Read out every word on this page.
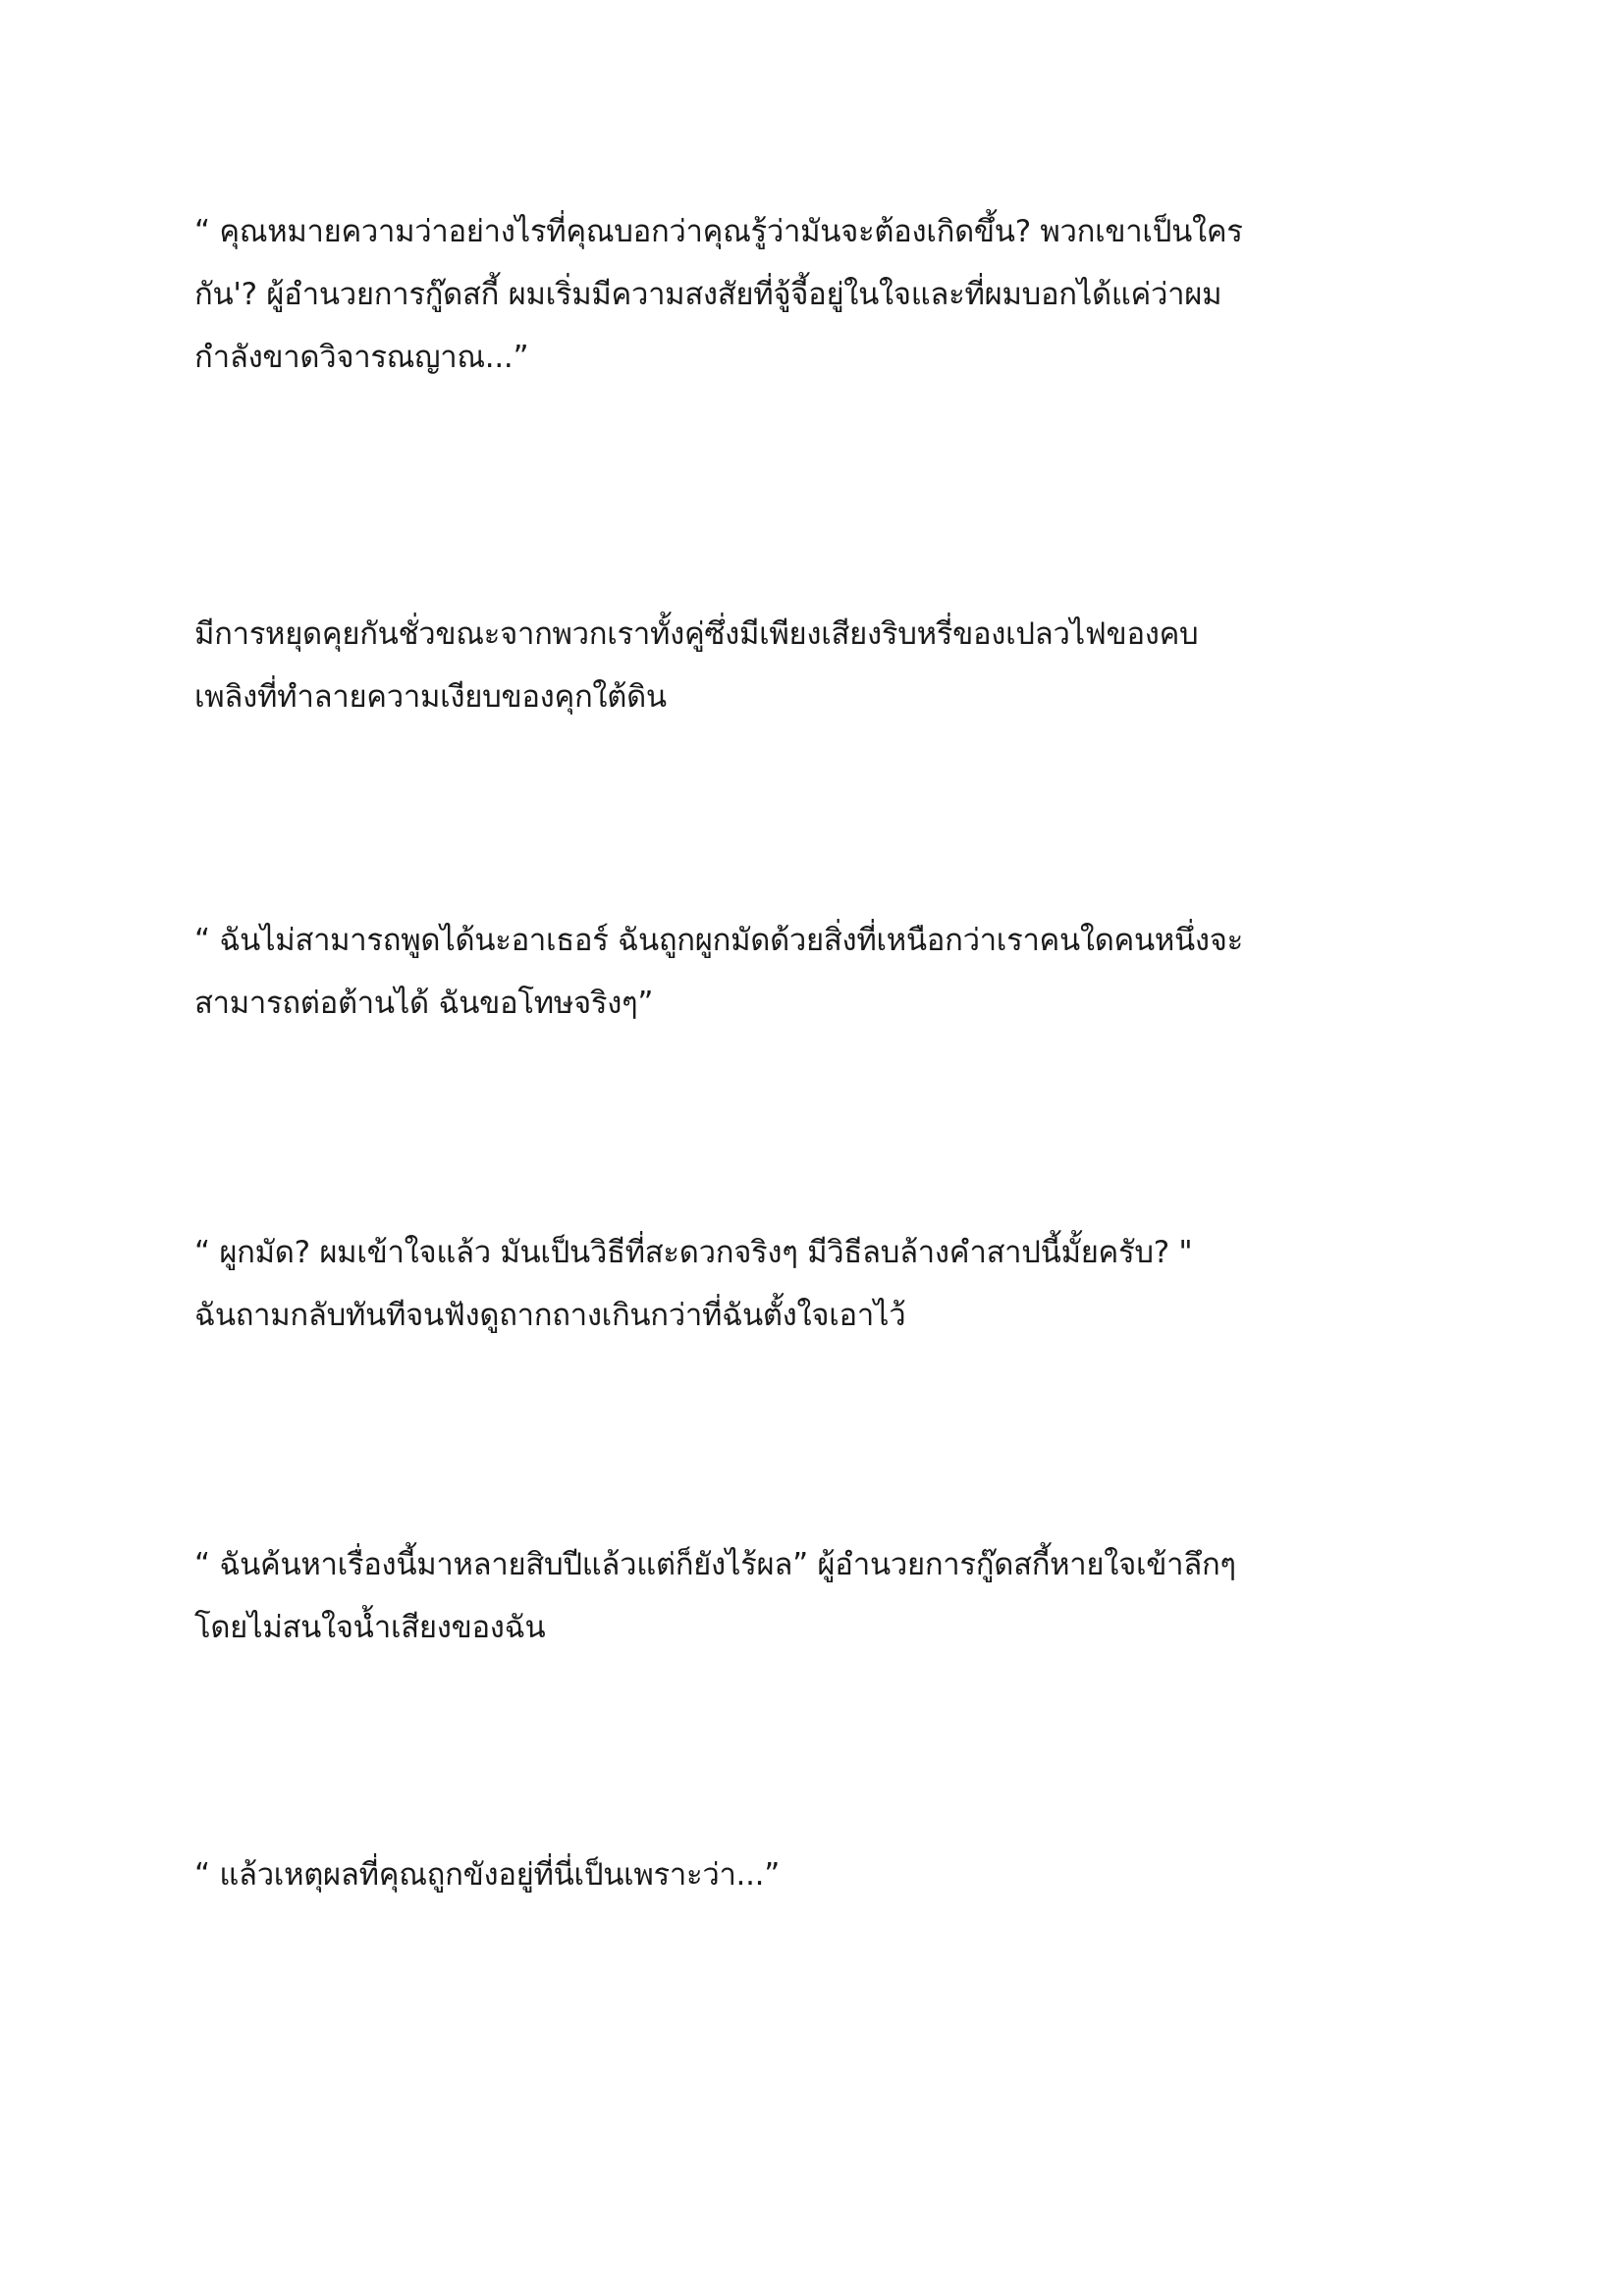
“ คุณหมายความว่าอย่างไรที่คุณบอกว่าคุณรู้ว่ามันจะต้องเกิดขึ้น? พวกเขาเป็นใคร
กัน'? ผู้อำนวยการกู๊ดสกี้ ผมเริ่มมีความสงสัยที่จู้จี้อยู่ในใจและที่ผมบอกได้แค่ว่าผม
กำลังขาดวิจารณญาณ...”

มีการหยุดคุยกันชั่วขณะจากพวกเราทั้งคู่ซึ่งมีเพียงเสียงริบหรี่ของเปลวไฟของคบ
เพลิงที่ทำลายความเงียบของคุกใต้ดิน

“ ฉันไม่สามารถพูดได้นะอาเธอร์ ฉันถูกผูกมัดด้วยสิ่งที่เหนือกว่าเราคนใดคนหนึ่งจะ
สามารถต่อต้านได้ ฉันขอโทษจริงๆ”

“ ผูกมัด? ผมเข้าใจแล้ว มันเป็นวิธีที่สะดวกจริงๆ มีวิธีลบล้างคำสาปนี้มั้ยครับ? "
ฉันถามกลับทันทีจนฟังดูถากถางเกินกว่าที่ฉันตั้งใจเอาไว้

“ ฉันค้นหาเรื่องนี้มาหลายสิบปีแล้วแต่ก็ยังไร้ผล” ผู้อำนวยการกู๊ดสกี้หายใจเข้าลึกๆ
โดยไม่สนใจน้ำเสียงของฉัน

“ แล้วเหตุผลที่คุณถูกขังอยู่ที่นี่เป็นเพราะว่า...”
